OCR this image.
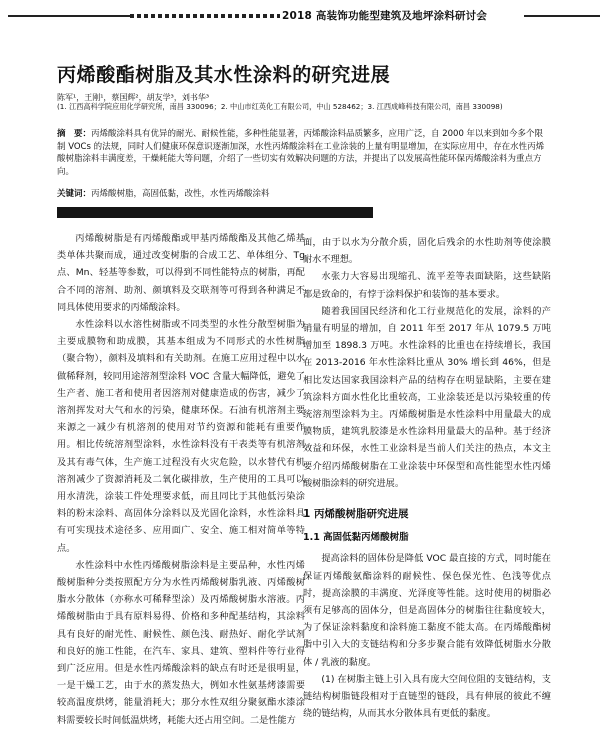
2018 高装饰功能型建筑及地坪涂料研讨会
丙烯酸酯树脂及其水性涂料的研究进展
陈军¹，王刚¹，蔡国辉²，胡友学³，刘书华³
(1. 江西高科学院应用化学研究所，南昌 330096；2. 中山市红英化工有限公司，中山 528462；3. 江西成峰科技有限公司，南昌 330098)
摘　要：丙烯酸涂料具有优异的耐光、耐候性能，多种性能显著，丙烯酸涂料品质繁多，应用广泛，自 2000 年以来到如今多个限制 VOCs 的法规，同时人们健康环保意识逐渐加深，水性丙烯酸涂料在工业涂装的上量有明显增加，在实际应用中，存在水性丙烯酸树脂涂料丰满度差，干燥耗能大等问题，介绍了一些切实有效解决问题的方法，并提出了以发展高性能环保丙烯酸涂料为重点方向。
关键词：丙烯酸树脂，高固低黏，改性，水性丙烯酸涂料

丙烯酸树脂是有丙烯酸酯或甲基丙烯酸酯及其他乙烯基类单体共聚而成，通过改变树脂的合成工艺、单体组分、Tg点、Mn、轻基等参数，可以得到不同性能特点的树脂，再配合不同的溶剂、助剂、颜填料及交联剂等可得到各种满足不同具体使用要求的丙烯酸涂料。

水性涂料以水溶性树脂或不同类型的水性分散型树脂为主要成膜物和助成膜，其基本组成为不同形式的水性树脂（聚合物），颜料及填料和有关助剂。在施工应用过程中以水做稀释剂，较同用途溶剂型涂料 VOC 含量大幅降低，避免了生产者、施工者和使用者因溶剂对健康造成的伤害，减少了溶剂挥发对大气和水的污染，健康环保。石油有机溶剂主要来源之一减少有机溶剂的使用对节约资源和能耗有重要作用。相比传统溶剂型涂料，水性涂料没有干表类等有机溶剂及其有毒气体，生产施工过程没有火灾危险，以水替代有机溶剂减少了资源消耗及二氧化碳排放，生产使用的工具可以用水清洗，涂装工件处理要求低，而且同比于其他低污染涂料的粉末涂料、高固体分涂料以及光固化涂料，水性涂料具有可实现技术途径多、应用面广、安全、施工相对简单等特点。

水性涂料中水性丙烯酸树脂涂料是主要品种，水性丙烯酸树脂种分类按照配方分为水性丙烯酸树脂乳液、丙烯酸树脂水分散体（亦称水可稀释型涂）及丙烯酸树脂水溶液。丙烯酸树脂由于具有原料易得、价格和多种配基结构，其涂料具有良好的耐光性、耐候性、颜色浅、耐热好、耐化学试剂和良好的施工性能，在汽车、家具、建筑、塑料件等行业得到广泛应用。但是水性丙烯酸涂料的缺点有时还是很明显，一是干燥工艺，由于水的蒸发热大，例如水性氨基烤漆需要较高温度烘烤，能量消耗大；那分水性双组分聚氨酯水漆涂料需要较长时间低温烘烤，耗能大还占用空间。二是性能方

面，由于以水为分散介质，固化后残余的水性助剂等使涂膜耐水不理想。

水张力大容易出现缩孔、流平差等表面缺陷，这些缺陷都是致命的，有悖于涂料保护和装饰的基本要求。

随着我国国民经济和化工行业规范化的发展，涂料的产销量有明显的增加，自 2011 年至 2017 年从 1079.5 万吨增加至 1898.3 万吨。水性涂料的比重也在持续增长，我国在 2013-2016 年水性涂料比重从 30% 增长到 46%，但是相比发达国家我国涂料产品的结构存在明显缺陷，主要在建筑涂料方面水性化比重较高，工业涂装还是以污染较重的传统溶剂型涂料为主。丙烯酸树脂是水性涂料中用量最大的成膜物质，建筑乳胶漆是水性涂料用量最大的品种。基于经济效益和环保，水性工业涂料是当前人们关注的热点，本文主要介绍丙烯酸树脂在工业涂装中环保型和高性能型水性丙烯酸树脂涂料的研究进展。

1 丙烯酸树脂研究进展

1.1 高固低黏丙烯酸树脂

提高涂料的固体份是降低 VOC 最直接的方式，同时能在保证丙烯酸氨酯涂料的耐候性、保色保光性、色浅等优点时，提高涂膜的丰满度、光泽度等性能。这时使用的树脂必须有足够高的固体分，但是高固体分的树脂往往黏度较大，为了保证涂料黏度和涂料施工黏度不能太高。在丙烯酸酯树脂中引入大的支链结构和分多步聚合能有效降低树脂水分散体 / 乳液的黏度。

(1) 在树脂主链上引入具有庞大空间位阻的支链结构，支链结构树脂链段相对于直链型的链段，具有伸展的彼此不缠绕的链结构，从而其水分散体具有更低的黏度。
